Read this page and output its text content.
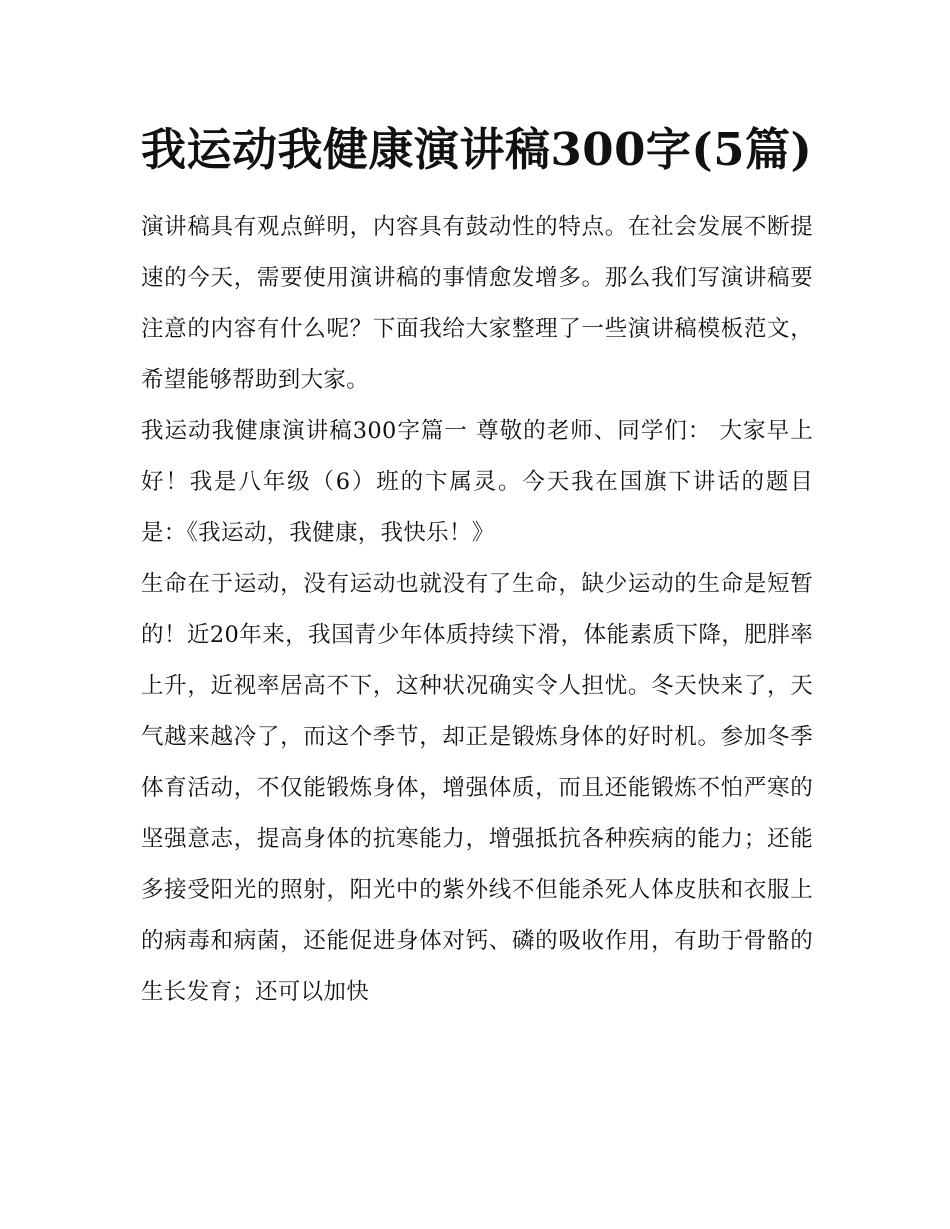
我运动我健康演讲稿300字(5篇)

演讲稿具有观点鲜明，内容具有鼓动性的特点。在社会发展不断提速的今天，需要使用演讲稿的事情愈发增多。那么我们写演讲稿要注意的内容有什么呢？下面我给大家整理了一些演讲稿模板范文，希望能够帮助到大家。

我运动我健康演讲稿300字篇一 尊敬的老师、同学们： 大家早上好！我是八年级（6）班的卞属灵。今天我在国旗下讲话的题目是：《我运动，我健康，我快乐！》

生命在于运动，没有运动也就没有了生命，缺少运动的生命是短暂的！近20年来，我国青少年体质持续下滑，体能素质下降，肥胖率上升，近视率居高不下，这种状况确实令人担忧。冬天快来了，天气越来越冷了，而这个季节，却正是锻炼身体的好时机。参加冬季体育活动，不仅能锻炼身体，增强体质，而且还能锻炼不怕严寒的坚强意志，提高身体的抗寒能力，增强抵抗各种疾病的能力；还能多接受阳光的照射，阳光中的紫外线不但能杀死人体皮肤和衣服上的病毒和病菌，还能促进身体对钙、磷的吸收作用，有助于骨骼的生长发育；还可以加快
